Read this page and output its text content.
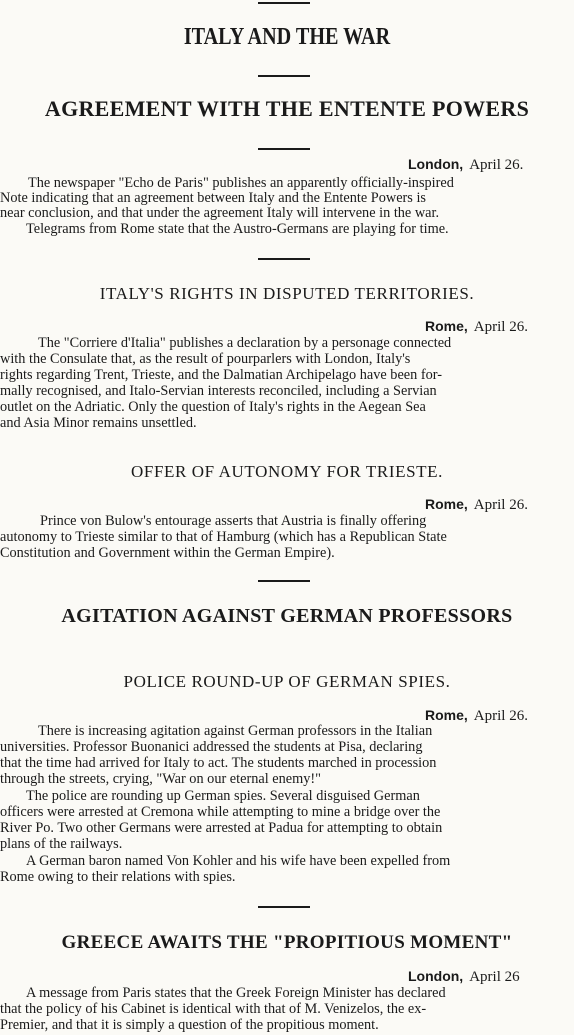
ITALY AND THE WAR
AGREEMENT WITH THE ENTENTE POWERS
London, April 26.
The newspaper "Echo de Paris" publishes an apparently officially-inspired
Note indicating that an agreement between Italy and the Entente Powers is
near conclusion, and that under the agreement Italy will intervene in the war.
Telegrams from Rome state that the Austro-Germans are playing for time.
ITALY'S RIGHTS IN DISPUTED TERRITORIES.
Rome, April 26.
The "Corriere d'Italia" publishes a declaration by a personage connected
with the Consulate that, as the result of pourparlers with London, Italy's
rights regarding Trent, Trieste, and the Dalmatian Archipelago have been for-
mally recognised, and Italo-Servian interests reconciled, including a Servian
outlet on the Adriatic. Only the question of Italy's rights in the Aegean Sea
and Asia Minor remains unsettled.
OFFER OF AUTONOMY FOR TRIESTE.
Rome, April 26.
Prince von Bulow's entourage asserts that Austria is finally offering
autonomy to Trieste similar to that of Hamburg (which has a Republican State
Constitution and Government within the German Empire).
AGITATION AGAINST GERMAN PROFESSORS
POLICE ROUND-UP OF GERMAN SPIES.
Rome, April 26.
There is increasing agitation against German professors in the Italian
universities. Professor Buonanici addressed the students at Pisa, declaring
that the time had arrived for Italy to act. The students marched in procession
through the streets, crying, "War on our eternal enemy!"
The police are rounding up German spies. Several disguised German
officers were arrested at Cremona while attempting to mine a bridge over the
River Po. Two other Germans were arrested at Padua for attempting to obtain
plans of the railways.
A German baron named Von Kohler and his wife have been expelled from
Rome owing to their relations with spies.
GREECE AWAITS THE "PROPITIOUS MOMENT"
London, April 26
A message from Paris states that the Greek Foreign Minister has declared
that the policy of his Cabinet is identical with that of M. Venizelos, the ex-
Premier, and that it is simply a question of the propitious moment.
